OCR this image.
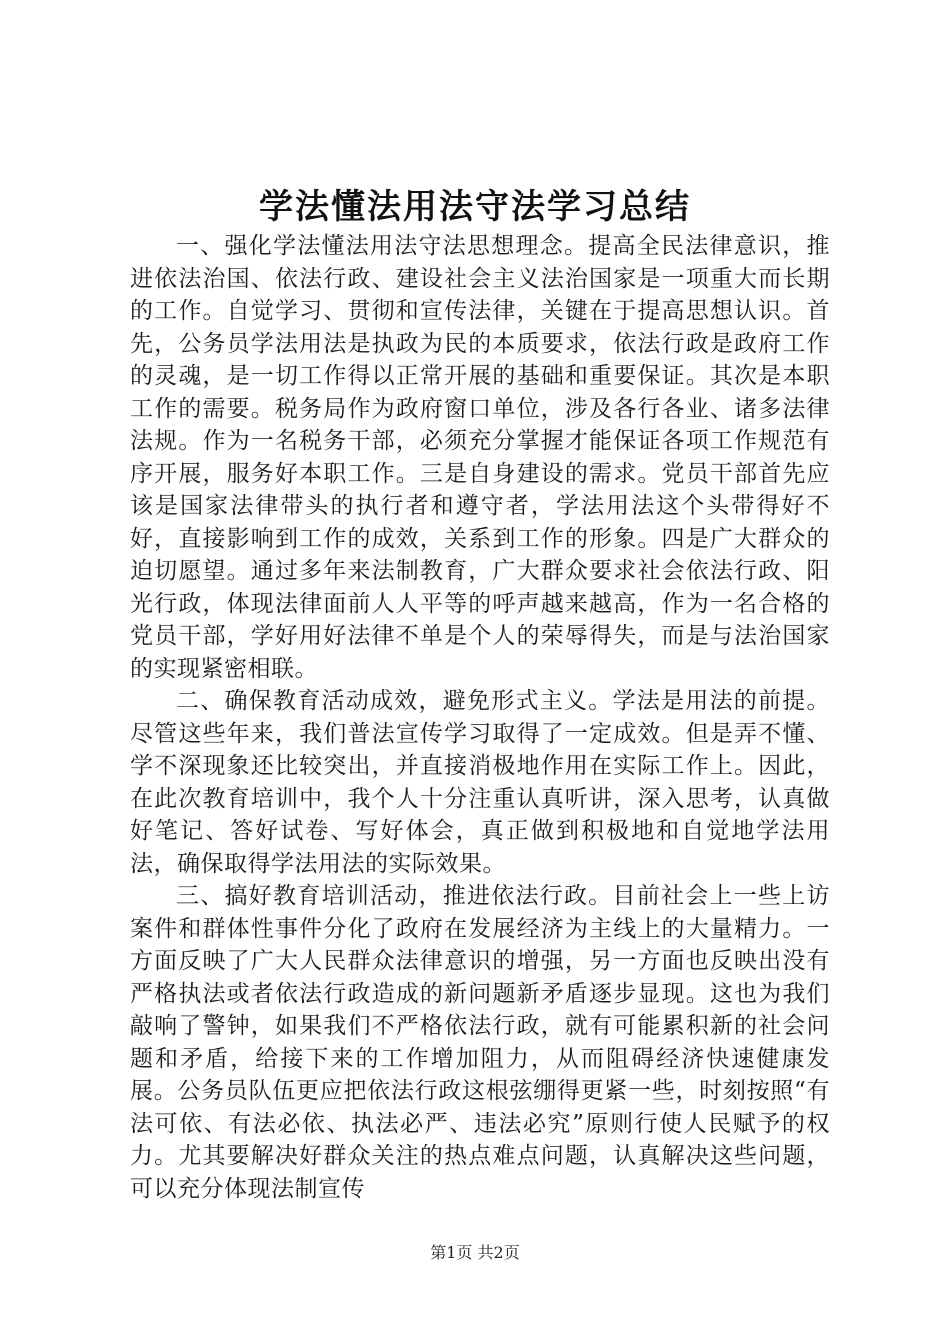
学法懂法用法守法学习总结

一、强化学法懂法用法守法思想理念。提高全民法律意识，推进依法治国、依法行政、建设社会主义法治国家是一项重大而长期的工作。自觉学习、贯彻和宣传法律，关键在于提高思想认识。首先，公务员学法用法是执政为民的本质要求，依法行政是政府工作的灵魂，是一切工作得以正常开展的基础和重要保证。其次是本职工作的需要。税务局作为政府窗口单位，涉及各行各业、诸多法律法规。作为一名税务干部，必须充分掌握才能保证各项工作规范有序开展，服务好本职工作。三是自身建设的需求。党员干部首先应该是国家法律带头的执行者和遵守者，学法用法这个头带得好不好，直接影响到工作的成效，关系到工作的形象。四是广大群众的迫切愿望。通过多年来法制教育，广大群众要求社会依法行政、阳光行政，体现法律面前人人平等的呼声越来越高，作为一名合格的党员干部，学好用好法律不单是个人的荣辱得失，而是与法治国家的实现紧密相联。

二、确保教育活动成效，避免形式主义。学法是用法的前提。尽管这些年来，我们普法宣传学习取得了一定成效。但是弄不懂、学不深现象还比较突出，并直接消极地作用在实际工作上。因此，在此次教育培训中，我个人十分注重认真听讲，深入思考，认真做好笔记、答好试卷、写好体会，真正做到积极地和自觉地学法用法，确保取得学法用法的实际效果。

三、搞好教育培训活动，推进依法行政。目前社会上一些上访案件和群体性事件分化了政府在发展经济为主线上的大量精力。一方面反映了广大人民群众法律意识的增强，另一方面也反映出没有严格执法或者依法行政造成的新问题新矛盾逐步显现。这也为我们敲响了警钟，如果我们不严格依法行政，就有可能累积新的社会问题和矛盾，给接下来的工作增加阻力，从而阻碍经济快速健康发展。公务员队伍更应把依法行政这根弦绷得更紧一些，时刻按照“有法可依、有法必依、执法必严、违法必究”原则行使人民赋予的权力。尤其要解决好群众关注的热点难点问题，认真解决这些问题，可以充分体现法制宣传

第1页 共2页
